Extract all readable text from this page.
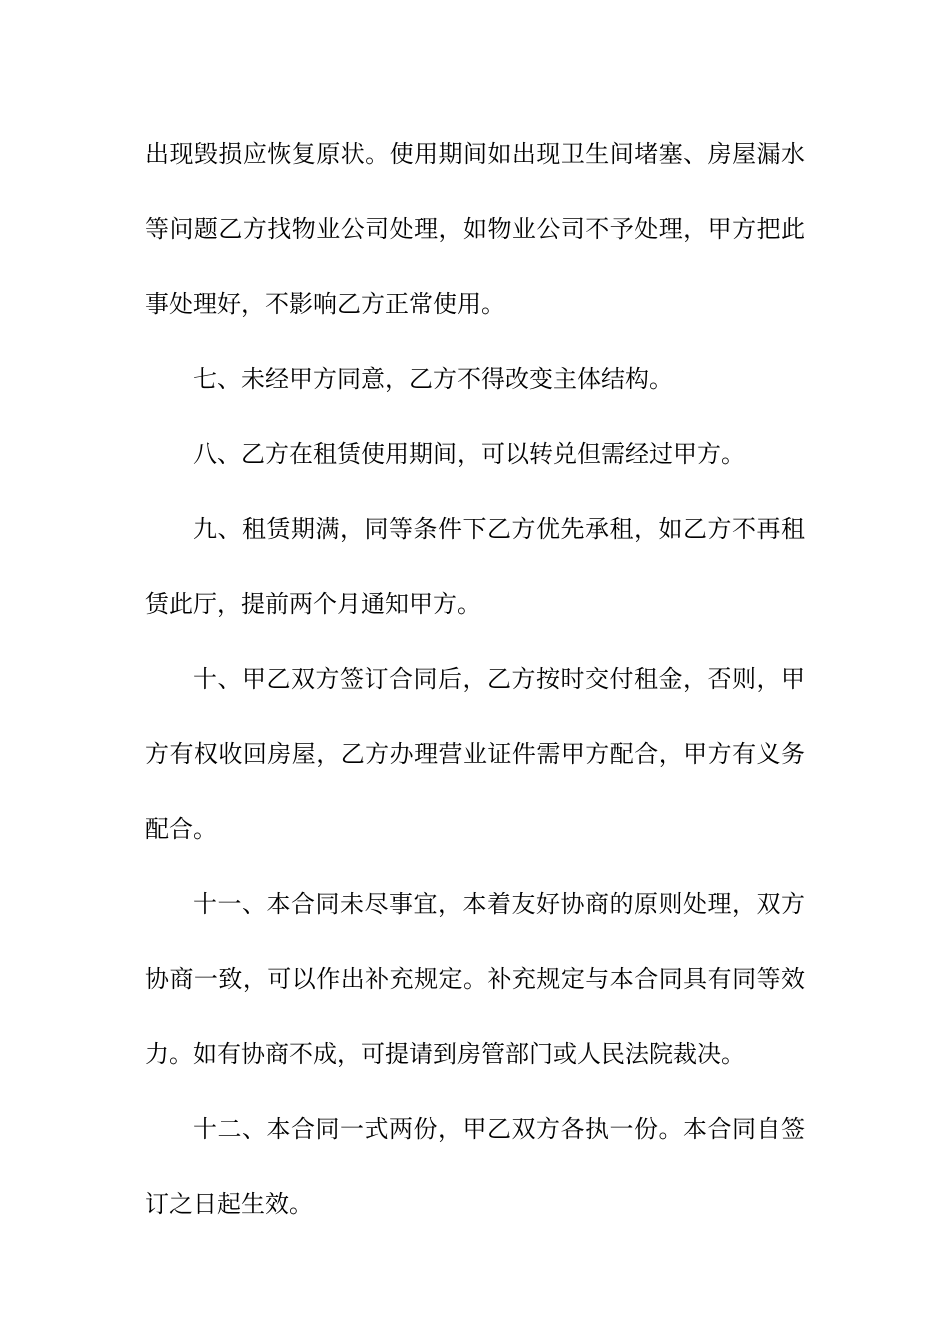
出现毁损应恢复原状。使用期间如出现卫生间堵塞、房屋漏水
等问题乙方找物业公司处理，如物业公司不予处理，甲方把此
事处理好，不影响乙方正常使用。

七、未经甲方同意，乙方不得改变主体结构。

八、乙方在租赁使用期间，可以转兑但需经过甲方。

九、租赁期满，同等条件下乙方优先承租，如乙方不再租
赁此厅，提前两个月通知甲方。

十、甲乙双方签订合同后，乙方按时交付租金，否则，甲
方有权收回房屋，乙方办理营业证件需甲方配合，甲方有义务
配合。

十一、本合同未尽事宜，本着友好协商的原则处理，双方
协商一致，可以作出补充规定。补充规定与本合同具有同等效
力。如有协商不成，可提请到房管部门或人民法院裁决。

十二、本合同一式两份，甲乙双方各执一份。本合同自签
订之日起生效。
